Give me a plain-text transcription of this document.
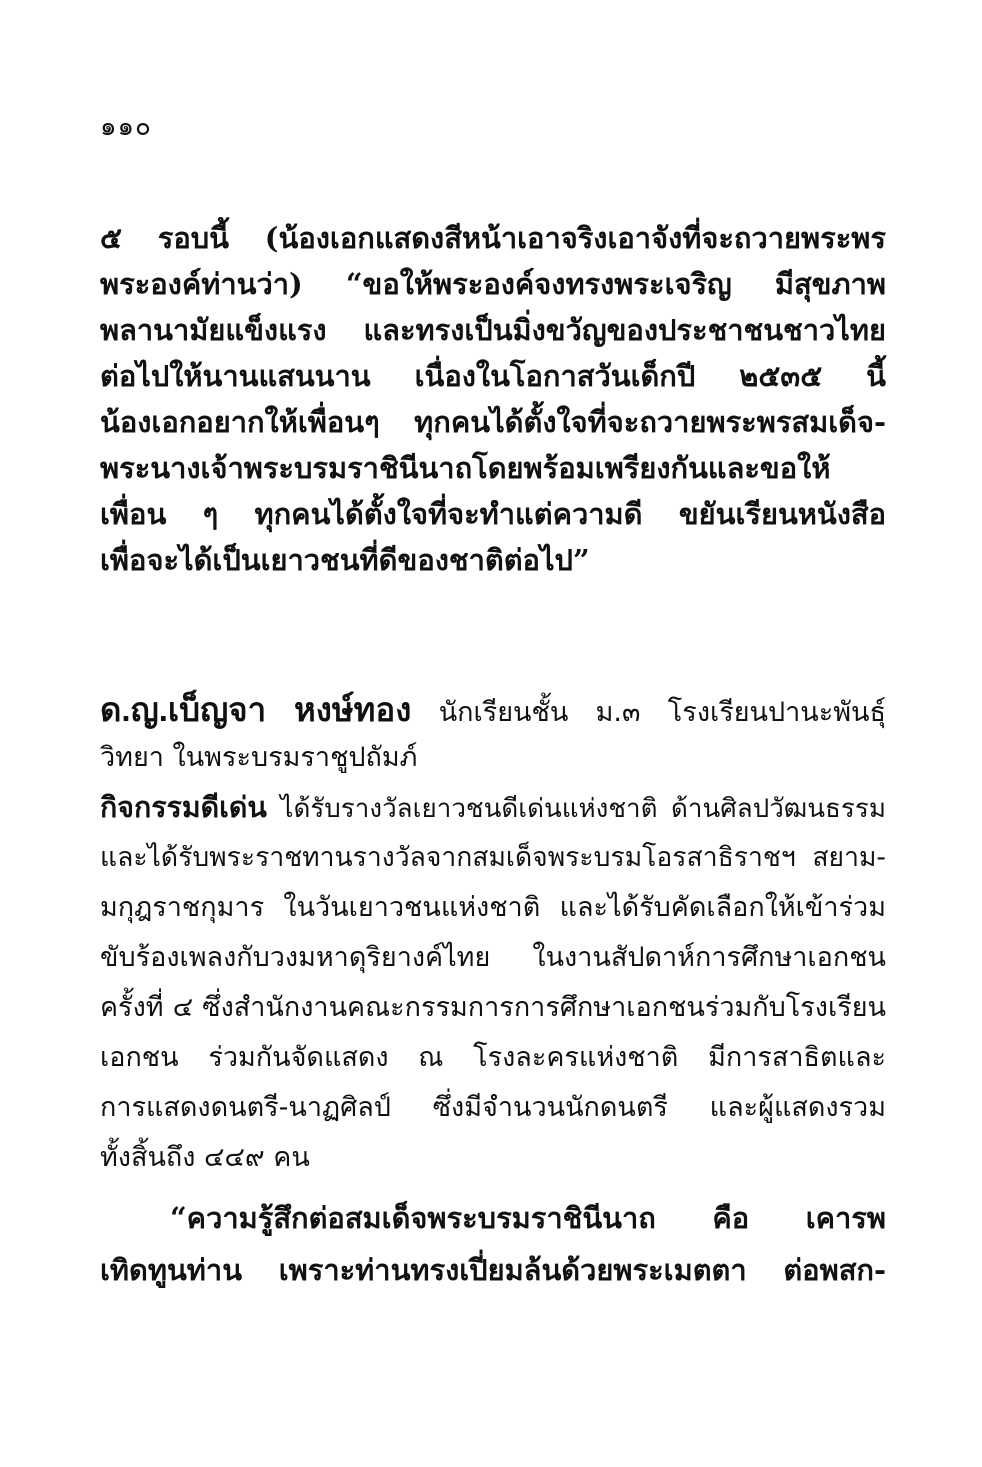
๑๑๐
๕ รอบนี้ (น้องเอกแสดงสีหน้าเอาจริงเอาจังที่จะถวายพระพร
พระองค์ท่านว่า) “ขอให้พระองค์จงทรงพระเจริญ มีสุขภาพ
พลานามัยแข็งแรง และทรงเป็นมิ่งขวัญของประชาชนชาวไทย
ต่อไปให้นานแสนนาน เนื่องในโอกาสวันเด็กปี ๒๕๓๕ นี้
น้องเอกอยากให้เพื่อนๆ ทุกคนได้ตั้งใจที่จะถวายพระพรสมเด็จ-
พระนางเจ้าพระบรมราชินีนาถโดยพร้อมเพรียงกันและขอให้
เพื่อน ๆ ทุกคนได้ตั้งใจที่จะทำแต่ความดี ขยันเรียนหนังสือ
เพื่อจะได้เป็นเยาวชนที่ดีของชาติต่อไป”
ด.ญ.เบ็ญจา หงษ์ทอง นักเรียนชั้น ม.๓ โรงเรียนปานะพันธุ์
วิทยา ในพระบรมราชูปถัมภ์
กิจกรรมดีเด่น ได้รับรางวัลเยาวชนดีเด่นแห่งชาติ ด้านศิลปวัฒนธรรม
และได้รับพระราชทานรางวัลจากสมเด็จพระบรมโอรสาธิราชฯ สยาม-
มกุฎราชกุมาร ในวันเยาวชนแห่งชาติ และได้รับคัดเลือกให้เข้าร่วม
ขับร้องเพลงกับวงมหาดุริยางค์ไทย ในงานสัปดาห์การศึกษาเอกชน
ครั้งที่ ๔ ซึ่งสำนักงานคณะกรรมการการศึกษาเอกชนร่วมกับโรงเรียน
เอกชน ร่วมกันจัดแสดง ณ โรงละครแห่งชาติ มีการสาธิตและ
การแสดงดนตรี-นาฏศิลป์ ซึ่งมีจำนวนนักดนตรี และผู้แสดงรวม
ทั้งสิ้นถึง ๔๔๙ คน
“ความรู้สึกต่อสมเด็จพระบรมราชินีนาถ คือ เคารพ
เทิดทูนท่าน เพราะท่านทรงเปี่ยมล้นด้วยพระเมตตา ต่อพสก-
